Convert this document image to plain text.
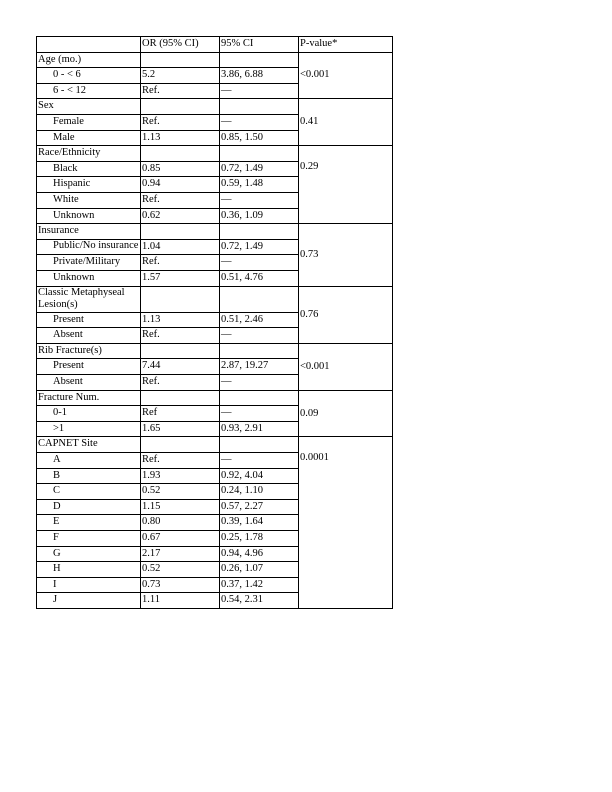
	OR (95% CI)	95% CI	P-value*
Age (mo.)			<0.001
0 - < 6	5.2	3.86, 6.88	
6 - < 12	Ref.	—	
Sex			0.41
Female	Ref.	—	
Male	1.13	0.85, 1.50	
Race/Ethnicity			0.29
Black	0.85	0.72, 1.49	
Hispanic	0.94	0.59, 1.48	
White	Ref.	—	
Unknown	0.62	0.36, 1.09	
Insurance			0.73
Public/No insurance	1.04	0.72, 1.49	
Private/Military	Ref.	—	
Unknown	1.57	0.51, 4.76	
Classic Metaphyseal Lesion(s)			0.76
Present	1.13	0.51, 2.46	
Absent	Ref.	—	
Rib Fracture(s)			<0.001
Present	7.44	2.87, 19.27	
Absent	Ref.	—	
Fracture Num.			0.09
0-1	Ref	—	
>1	1.65	0.93, 2.91	
CAPNET Site			0.0001
A	Ref.	—	
B	1.93	0.92, 4.04	
C	0.52	0.24, 1.10	
D	1.15	0.57, 2.27	
E	0.80	0.39, 1.64	
F	0.67	0.25, 1.78	
G	2.17	0.94, 4.96	
H	0.52	0.26, 1.07	
I	0.73	0.37, 1.42	
J	1.11	0.54, 2.31	
